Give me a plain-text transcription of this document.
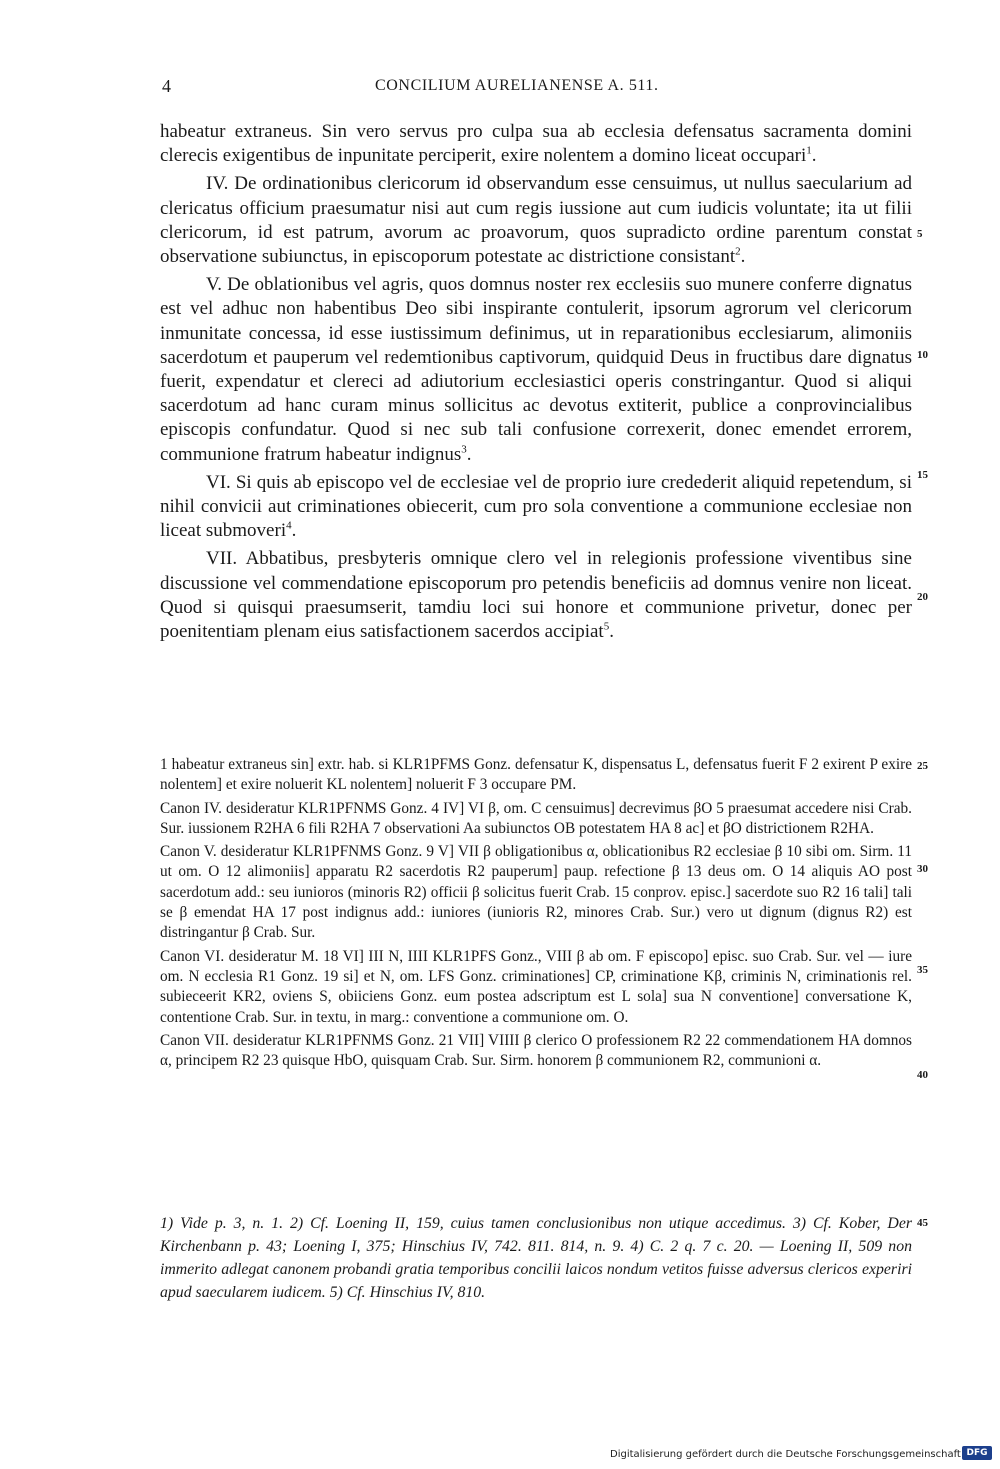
4	CONCILIUM AURELIANENSE A. 511.

habeatur extraneus. Sin vero servus pro culpa sua ab ecclesia defensatus sacramenta domini clerecis exigentibus de inpunitate perciperit, exire nolentem a domino liceat occupari$^1$.

IV. De ordinationibus clericorum id observandum esse censuimus, ut nullus saecularium ad clericatus officium praesumatur nisi aut cum regis iussione aut cum iudicis voluntate; ita ut filii clericorum, id est patrum, avorum ac proavorum, quos supradicto ordine parentum constat observatione subiunctus, in episcoporum potestate ac districtione consistant$^2$.

V. De oblationibus vel agris, quos domnus noster rex ecclesiis suo munere conferre dignatus est vel adhuc non habentibus Deo sibi inspirante contulerit, ipsorum agrorum vel clericorum inmunitate concessa, id esse iustissimum definimus, ut in reparationibus ecclesiarum, alimoniis sacerdotum et pauperum vel redemtionibus captivorum, quidquid Deus in fructibus dare dignatus fuerit, expendatur et clereci ad adiutorium ecclesiastici operis constringantur. Quod si aliqui sacerdotum ad hanc curam minus sollicitus ac devotus extiterit, publice a conprovincialibus episcopis confundatur. Quod si nec sub tali confusione correxerit, donec emendet errorem, communione fratrum habeatur indignus$^3$.

VI. Si quis ab episcopo vel de ecclesiae vel de proprio iure credederit aliquid repetendum, si nihil convicii aut criminationes obiecerit, cum pro sola conventione a communione ecclesiae non liceat submoveri$^4$.

VII. Abbatibus, presbyteris omnique clero vel in relegionis professione viventibus sine discussione vel commendatione episcoporum pro petendis beneficiis ad domnus venire non liceat. Quod si quisqui praesumserit, tamdiu loci sui honore et communione privetur, donec per poenitentiam plenam eius satisfactionem sacerdos accipiat$^5$.

5
10
15
20
25
30
35
40
45

1 habeatur extraneus sin] extr. hab. si KLR1PFMS Gonz. defensatur K, dispensatus L, defensatus fuerit F 2 exirent P exire nolentem] et exire noluerit KL nolentem] noluerit F 3 occupare PM.

Canon IV. desideratur KLR1PFNMS Gonz. 4 IV] VI β, om. C censuimus] decrevimus βO 5 praesumat accedere nisi Crab. Sur. iussionem R2HA 6 fili R2HA 7 observationi Aa subiunctos OB potestatem HA 8 ac] et βO districtionem R2HA.

Canon V. desideratur KLR1PFNMS Gonz. 9 V] VII β obligationibus α, oblicationibus R2 ecclesiae β 10 sibi om. Sirm. 11 ut om. O 12 alimoniis] apparatu R2 sacerdotis R2 pauperum] paup. refectione β 13 deus om. O 14 aliquis AO post sacerdotum add.: seu iunioros (minoris R2) officii β solicitus fuerit Crab. 15 conprov. episc.] sacerdote suo R2 16 tali] tali se β emendat HA 17 post indignus add.: iuniores (iunioris R2, minores Crab. Sur.) vero ut dignum (dignus R2) est distringantur β Crab. Sur.

Canon VI. desideratur M. 18 VI] III N, IIII KLR1PFS Gonz., VIII β ab om. F episcopo] episc. suo Crab. Sur. vel — iure om. N ecclesia R1 Gonz. 19 si] et N, om. LFS Gonz. criminationes] CP, criminatione Kβ, criminis N, criminationis rel. subieceerit KR2, oviens S, obiiciens Gonz. eum postea adscriptum est L sola] sua N conventione] conversatione K, contentione Crab. Sur. in textu, in marg.: conventione a communione om. O.

Canon VII. desideratur KLR1PFNMS Gonz. 21 VII] VIIII β clerico O professionem R2 22 commendationem HA domnos α, principem R2 23 quisque HbO, quisquam Crab. Sur. Sirm. honorem β communionem R2, communioni α.

1) Vide p. 3, n. 1. 2) Cf. Loening II, 159, cuius tamen conclusionibus non utique accedimus. 3) Cf. Kober, Der Kirchenbann p. 43; Loening I, 375; Hinschius IV, 742. 811. 814, n. 9. 4) C. 2 q. 7 c. 20. — Loening II, 509 non immerito adlegat canonem probandi gratia temporibus concilii laicos nondum vetitos fuisse adversus clericos experiri apud saecularem iudicem. 5) Cf. Hinschius IV, 810.

Digitalisierung gefördert durch die Deutsche Forschungsgemeinschaft DFG
